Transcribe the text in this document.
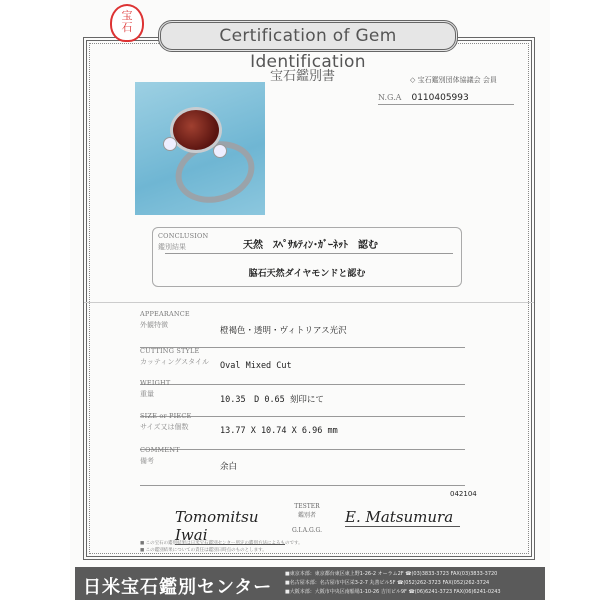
宝
石	Certification of Gem Identification
宝石鑑別書	◇ 宝石鑑別団体協議会 会員
N.G.A 0110405993
CONCLUSION
鑑別結果	天然　ｽﾍﾟｻﾙﾃｨﾝ･ｶﾞｰﾈｯﾄ　認む
脇石天然ダイヤモンドと認む
APPEARANCE
外観特徴
橙褐色・透明・ヴィトリアス光沢
CUTTING STYLE
カッティングスタイル Oval Mixed Cut
WEIGHT
重量
10.35　D 0.65 刻印にて
SIZE or PIECE
サイズ又は個数	13.77 X 10.74 X 6.96 mm
COMMENT
備考
余白
042104
Tomomitsu Iwai
TESTER
鑑別者
G.I.A.G.G.
E. Matsumura
■ この宝石の鑑別結果は日米宝石鑑別センター所定の鑑別方法によるものです。
■ この鑑別結果についての責任は鑑別日時点のものとします。
日米宝石鑑別センター
■東京本部：東京都台東区東上野1-26-2 オーラム2F ☎(03)3833-3723 FAX(03)3833-3720
■名古屋本部：名古屋市中区栄3-2-7 丸善ビル5F ☎(052)262-3723 FAX(052)262-3724
■大阪本部：大阪市中央区南船場1-10-26 吉川ビル9F ☎(06)6241-3723 FAX(06)6241-0243
